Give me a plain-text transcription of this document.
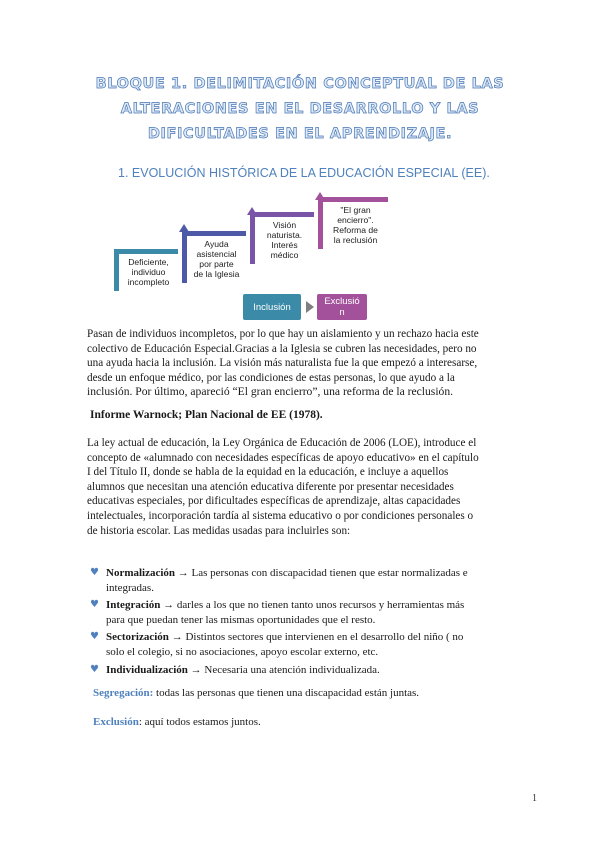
BLOQUE 1. DELIMITACIÓN CONCEPTUAL DE LAS
ALTERACIONES EN EL DESARROLLO Y LAS
DIFICULTADES EN EL APRENDIZAJE.
1. EVOLUCIÓN HISTÓRICA DE LA EDUCACIÓN ESPECIAL (EE).
Deficiente,
individuo
incompleto
Ayuda
asistencial
por parte
de la Iglesia
Visión
naturista.
Interés
médico
"El gran
encierro".
Reforma de
la reclusión
Inclusión	Exclusió
n
Pasan de individuos incompletos, por lo que hay un aislamiento y un rechazo hacia este
colectivo de Educación Especial.Gracias a la Iglesia se cubren las necesidades, pero no
una ayuda hacia la inclusión. La visión más naturalista fue la que empezó a interesarse,
desde un enfoque médico, por las condiciones de estas personas, lo que ayudo a la
inclusión. Por último, apareció “El gran encierro”, una reforma de la reclusión.
Informe Warnock; Plan Nacional de EE (1978).
La ley actual de educación, la Ley Orgánica de Educación de 2006 (LOE), introduce el
concepto de «alumnado con necesidades específicas de apoyo educativo» en el capítulo
I del Título II, donde se habla de la equidad en la educación, e incluye a aquellos
alumnos que necesitan una atención educativa diferente por presentar necesidades
educativas especiales, por dificultades específicas de aprendizaje, altas capacidades
intelectuales, incorporación tardía al sistema educativo o por condiciones personales o
de historia escolar. Las medidas usadas para incluirles son:
♥ Normalización → Las personas con discapacidad tienen que estar normalizadas e
integradas.
♥ Integración → darles a los que no tienen tanto unos recursos y herramientas más
para que puedan tener las mismas oportunidades que el resto.
♥ Sectorización → Distintos sectores que intervienen en el desarrollo del niño ( no
solo el colegio, si no asociaciones, apoyo escolar externo, etc.
♥ Individualización → Necesaria una atención individualizada.
Segregación: todas las personas que tienen una discapacidad están juntas.
Exclusión: aquí todos estamos juntos.
1
